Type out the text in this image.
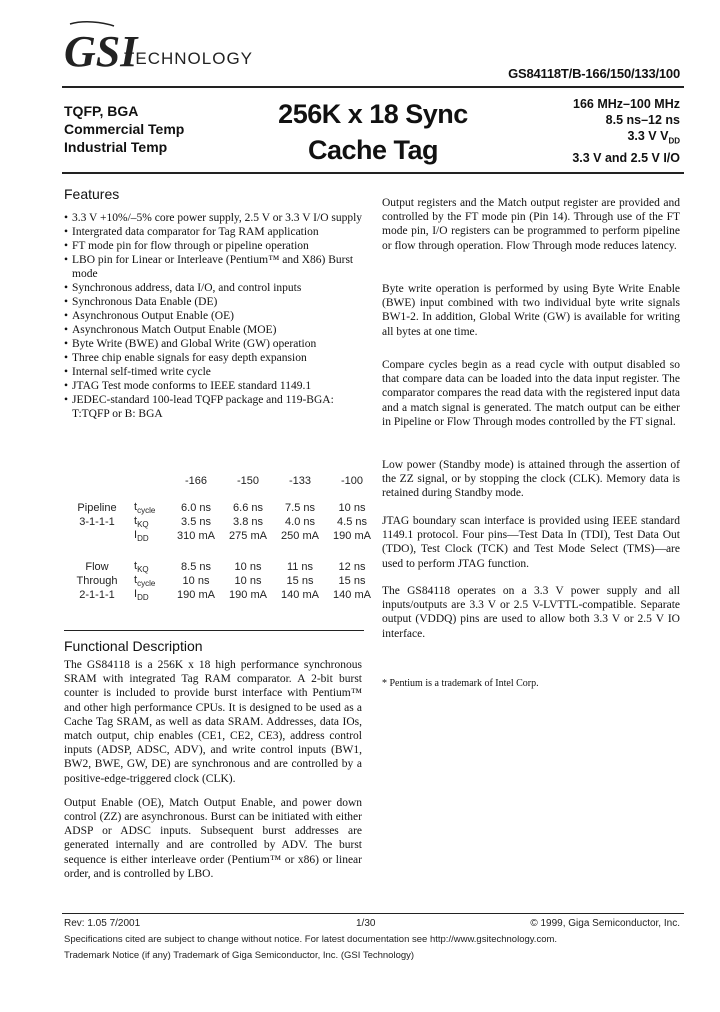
GSI
TECHNOLOGY
GS84118T/B-166/150/133/100
TQFP, BGA
Commercial Temp
Industrial Temp
256K x 18 Sync
Cache Tag
166 MHz–100 MHz
8.5 ns–12 ns
3.3 V $V_{DD}$
3.3 V and 2.5 V I/O
Features
• 3.3 V +10%/–5% core power supply, 2.5 V or 3.3 V I/O supply
• Intergrated data comparator for Tag RAM application
• FT mode pin for flow through or pipeline operation
• LBO pin for Linear or Interleave (Pentium™ and X86) Burst mode
• Synchronous address, data I/O, and control inputs
• Synchronous Data Enable (DE)
• Asynchronous Output Enable (OE)
• Asynchronous Match Output Enable (MOE)
• Byte Write (BWE) and Global Write (GW) operation
• Three chip enable signals for easy depth expansion
• Internal self-timed write cycle
• JTAG Test mode conforms to IEEE standard 1149.1
• JEDEC-standard 100-lead TQFP package and 119-BGA: T:TQFP or B: BGA
		-166	-150	-133	-100

Pipeline	$t_{cycle}$	6.0 ns	6.6 ns	7.5 ns	10 ns
3-1-1-1	$t_{KQ}$	3.5 ns	3.8 ns	4.0 ns	4.5 ns
	$I_{DD}$	310 mA	275 mA	250 mA	190 mA

Flow	$t_{KQ}$	8.5 ns	10 ns	11 ns	12 ns
Through	$t_{cycle}$	10 ns	10 ns	15 ns	15 ns
2-1-1-1	$I_{DD}$	190 mA	190 mA	140 mA	140 mA
Functional Description

The GS84118 is a 256K x 18 high performance synchronous SRAM with integrated Tag RAM comparator. A 2-bit burst counter is included to provide burst interface with Pentium™ and other high performance CPUs. It is designed to be used as a Cache Tag SRAM, as well as data SRAM. Addresses, data IOs, match output, chip enables (CE1, CE2, CE3), address control inputs (ADSP, ADSC, ADV), and write control inputs (BW1, BW2, BWE, GW, DE) are synchronous and are controlled by a positive-edge-triggered clock (CLK).

Output Enable (OE), Match Output Enable, and power down control (ZZ) are asynchronous. Burst can be initiated with either ADSP or ADSC inputs. Subsequent burst addresses are generated internally and are controlled by ADV. The burst sequence is either interleave order (Pentium™ or x86) or linear order, and is controlled by LBO.

Output registers and the Match output register are provided and controlled by the FT mode pin (Pin 14). Through use of the FT mode pin, I/O registers can be programmed to perform pipeline or flow through operation. Flow Through mode reduces latency.
Byte write operation is performed by using Byte Write Enable (BWE) input combined with two individual byte write signals BW1-2. In addition, Global Write (GW) is available for writing all bytes at one time.
Compare cycles begin as a read cycle with output disabled so that compare data can be loaded into the data input register. The comparator compares the read data with the registered input data and a match signal is generated. The match output can be either in Pipeline or Flow Through modes controlled by the FT signal.
Low power (Standby mode) is attained through the assertion of the ZZ signal, or by stopping the clock (CLK). Memory data is retained during Standby mode.
JTAG boundary scan interface is provided using IEEE standard 1149.1 protocol. Four pins—Test Data In (TDI), Test Data Out (TDO), Test Clock (TCK) and Test Mode Select (TMS)—are used to perform JTAG function.
The GS84118 operates on a 3.3 V power supply and all inputs/outputs are 3.3 V or 2.5 V-LVTTL-compatible. Separate output (VDDQ) pins are used to allow both 3.3 V or 2.5 V IO interface.
* Pentium is a trademark of Intel Corp.
Rev: 1.05 7/2001	1/30	© 1999, Giga Semiconductor, Inc.
Specifications cited are subject to change without notice. For latest documentation see http://www.gsitechnology.com.
Trademark Notice (if any) Trademark of Giga Semiconductor, Inc. (GSI Technology)
